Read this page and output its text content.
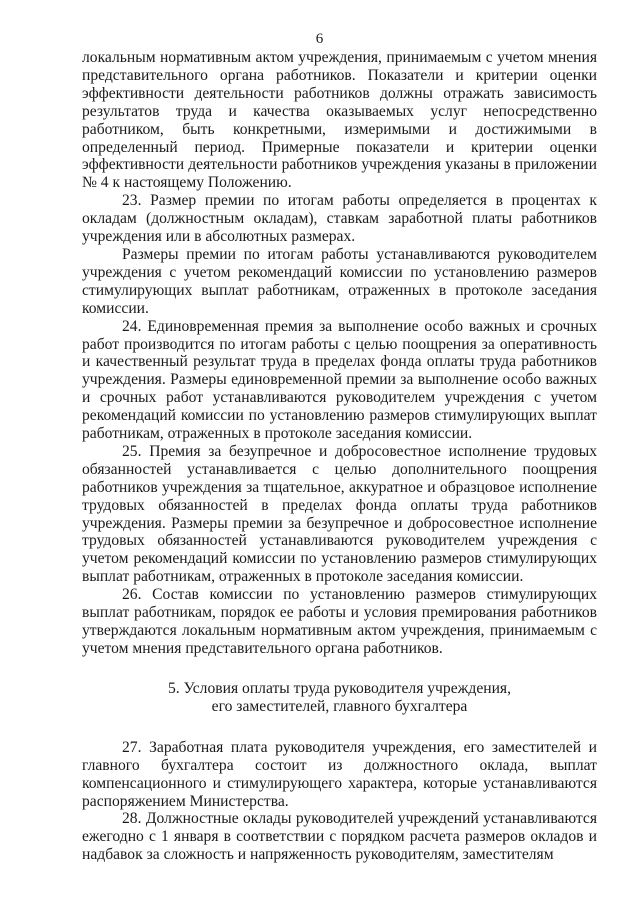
6

локальным нормативным актом учреждения, принимаемым с учетом мнения представительного органа работников. Показатели и критерии оценки эффективности деятельности работников должны отражать зависимость результатов труда и качества оказываемых услуг непосредственно работником, быть конкретными, измеримыми и достижимыми в определенный период. Примерные показатели и критерии оценки эффективности деятельности работников учреждения указаны в приложении № 4 к настоящему Положению.

23. Размер премии по итогам работы определяется в процентах к окладам (должностным окладам), ставкам заработной платы работников учреждения или в абсолютных размерах.

Размеры премии по итогам работы устанавливаются руководителем учреждения с учетом рекомендаций комиссии по установлению размеров стимулирующих выплат работникам, отраженных в протоколе заседания комиссии.

24. Единовременная премия за выполнение особо важных и срочных работ производится по итогам работы с целью поощрения за оперативность и качественный результат труда в пределах фонда оплаты труда работников учреждения. Размеры единовременной премии за выполнение особо важных и срочных работ устанавливаются руководителем учреждения с учетом рекомендаций комиссии по установлению размеров стимулирующих выплат работникам, отраженных в протоколе заседания комиссии.

25. Премия за безупречное и добросовестное исполнение трудовых обязанностей устанавливается с целью дополнительного поощрения работников учреждения за тщательное, аккуратное и образцовое исполнение трудовых обязанностей в пределах фонда оплаты труда работников учреждения. Размеры премии за безупречное и добросовестное исполнение трудовых обязанностей устанавливаются руководителем учреждения с учетом рекомендаций комиссии по установлению размеров стимулирующих выплат работникам, отраженных в протоколе заседания комиссии.

26. Состав комиссии по установлению размеров стимулирующих выплат работникам, порядок ее работы и условия премирования работников утверждаются локальным нормативным актом учреждения, принимаемым с учетом мнения представительного органа работников.

5. Условия оплаты труда руководителя учреждения,
его заместителей, главного бухгалтера

27. Заработная плата руководителя учреждения, его заместителей и главного бухгалтера состоит из должностного оклада, выплат компенсационного и стимулирующего характера, которые устанавливаются распоряжением Министерства.

28. Должностные оклады руководителей учреждений устанавливаются ежегодно с 1 января в соответствии с порядком расчета размеров окладов и надбавок за сложность и напряженность руководителям, заместителям
